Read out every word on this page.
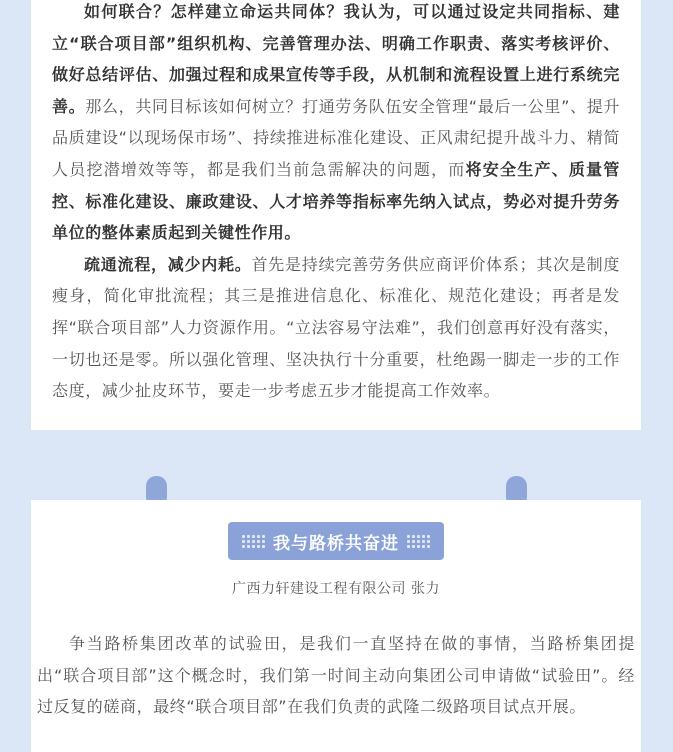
如何联合？怎样建立命运共同体？我认为，可以通过设定共同指标、建立“联合项目部”组织机构、完善管理办法、明确工作职责、落实考核评价、做好总结评估、加强过程和成果宣传等手段，从机制和流程设置上进行系统完善。那么，共同目标该如何树立？打通劳务队伍安全管理“最后一公里”、提升品质建设“以现场保市场”、持续推进标准化建设、正风肃纪提升战斗力、精简人员挖潜增效等等，都是我们当前急需解决的问题，而将安全生产、质量管控、标准化建设、廉政建设、人才培养等指标率先纳入试点，势必对提升劳务单位的整体素质起到关键性作用。

疏通流程，减少内耗。首先是持续完善劳务供应商评价体系；其次是制度瘦身，简化审批流程；其三是推进信息化、标准化、规范化建设；再者是发挥“联合项目部”人力资源作用。“立法容易守法难”，我们创意再好没有落实，一切也还是零。所以强化管理、坚决执行十分重要，杜绝踢一脚走一步的工作态度，减少扯皮环节，要走一步考虑五步才能提高工作效率。

我与路桥共奋进
广西力轩建设工程有限公司 张力

争当路桥集团改革的试验田，是我们一直坚持在做的事情，当路桥集团提出“联合项目部”这个概念时，我们第一时间主动向集团公司申请做“试验田”。经过反复的磋商，最终“联合项目部”在我们负责的武隆二级路项目试点开展。
